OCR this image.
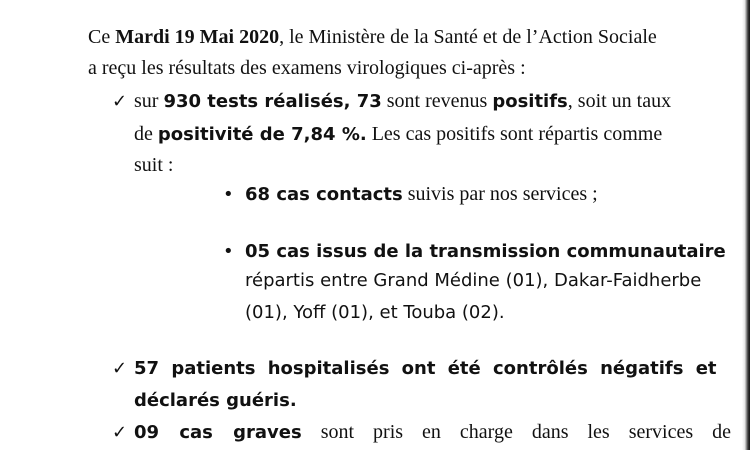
Ce Mardi 19 Mai 2020, le Ministère de la Santé et de l’Action Sociale
a reçu les résultats des examens virologiques ci-après :
✓ sur 930 tests réalisés, 73 sont revenus positifs, soit un taux
de positivité de 7,84 %. Les cas positifs sont répartis comme
suit :
• 68 cas contacts suivis par nos services ;
• 05 cas issus de la transmission communautaire
répartis entre Grand Médine (01), Dakar-Faidherbe
(01), Yoff (01), et Touba (02).
✓ 57 patients hospitalisés ont été contrôlés négatifs et
déclarés guéris.
✓ 09 cas graves sont pris en charge dans les services de
